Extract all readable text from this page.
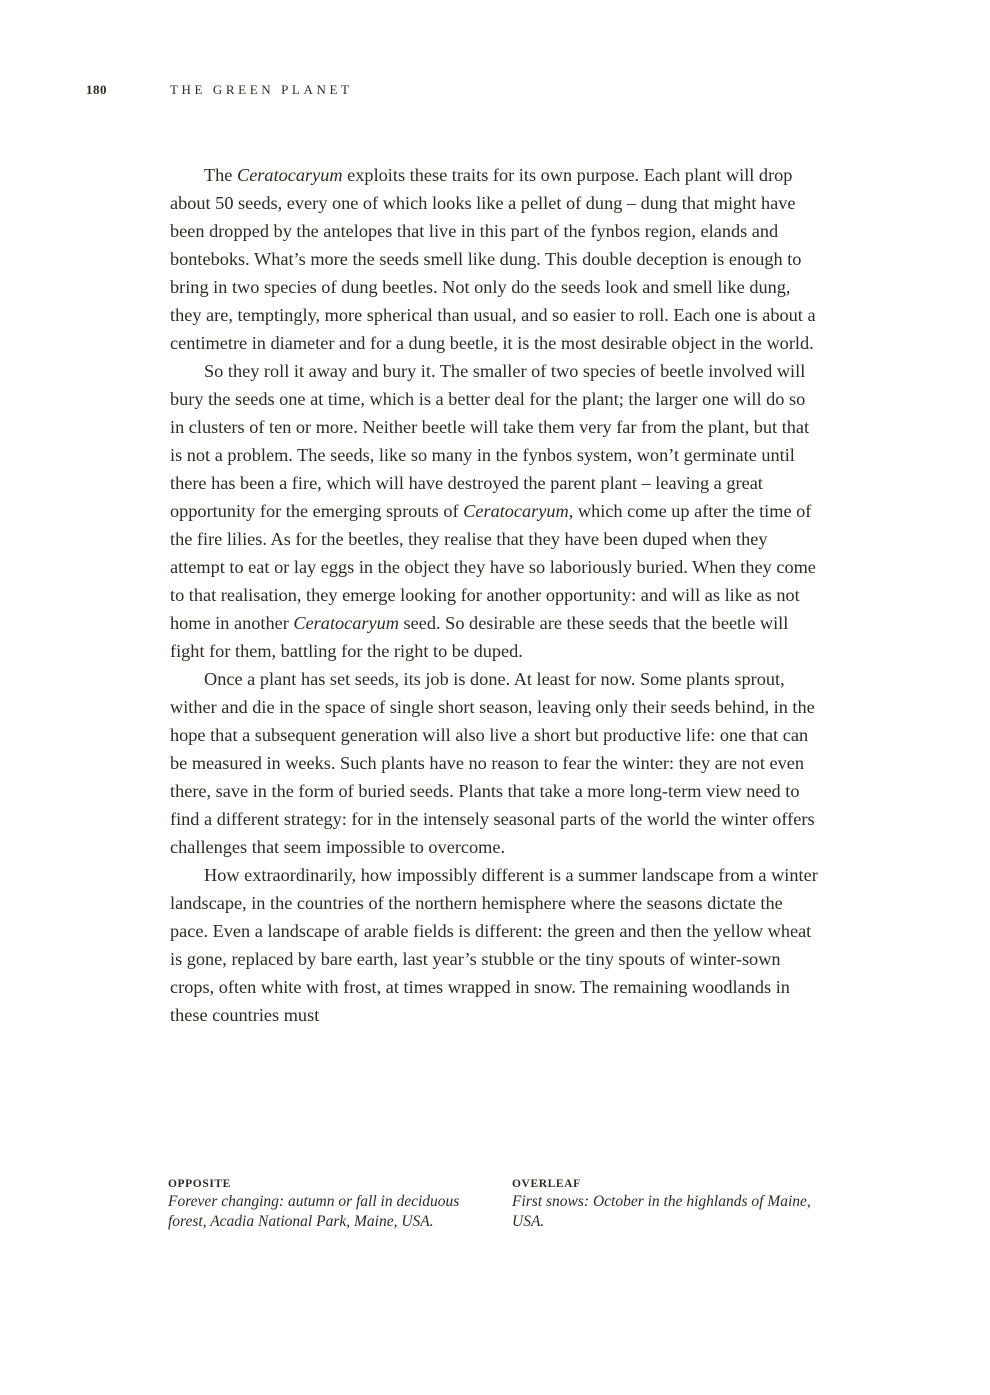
180	THE GREEN PLANET

The Ceratocaryum exploits these traits for its own purpose. Each plant will drop about 50 seeds, every one of which looks like a pellet of dung – dung that might have been dropped by the antelopes that live in this part of the fynbos region, elands and bonteboks. What’s more the seeds smell like dung. This double deception is enough to bring in two species of dung beetles. Not only do the seeds look and smell like dung, they are, temptingly, more spherical than usual, and so easier to roll. Each one is about a centimetre in diameter and for a dung beetle, it is the most desirable object in the world.

So they roll it away and bury it. The smaller of two species of beetle involved will bury the seeds one at time, which is a better deal for the plant; the larger one will do so in clusters of ten or more. Neither beetle will take them very far from the plant, but that is not a problem. The seeds, like so many in the fynbos system, won’t germinate until there has been a fire, which will have destroyed the parent plant – leaving a great opportunity for the emerging sprouts of Ceratocaryum, which come up after the time of the fire lilies. As for the beetles, they realise that they have been duped when they attempt to eat or lay eggs in the object they have so laboriously buried. When they come to that realisation, they emerge looking for another opportunity: and will as like as not home in another Ceratocaryum seed. So desirable are these seeds that the beetle will fight for them, battling for the right to be duped.

Once a plant has set seeds, its job is done. At least for now. Some plants sprout, wither and die in the space of single short season, leaving only their seeds behind, in the hope that a subsequent generation will also live a short but productive life: one that can be measured in weeks. Such plants have no reason to fear the winter: they are not even there, save in the form of buried seeds. Plants that take a more long-term view need to find a different strategy: for in the intensely seasonal parts of the world the winter offers challenges that seem impossible to overcome.

How extraordinarily, how impossibly different is a summer landscape from a winter landscape, in the countries of the northern hemisphere where the seasons dictate the pace. Even a landscape of arable fields is different: the green and then the yellow wheat is gone, replaced by bare earth, last year’s stubble or the tiny spouts of winter-sown crops, often white with frost, at times wrapped in snow. The remaining woodlands in these countries must

OPPOSITE
Forever changing: autumn or fall in deciduous forest, Acadia National Park, Maine, USA.
OVERLEAF
First snows: October in the highlands of Maine, USA.
